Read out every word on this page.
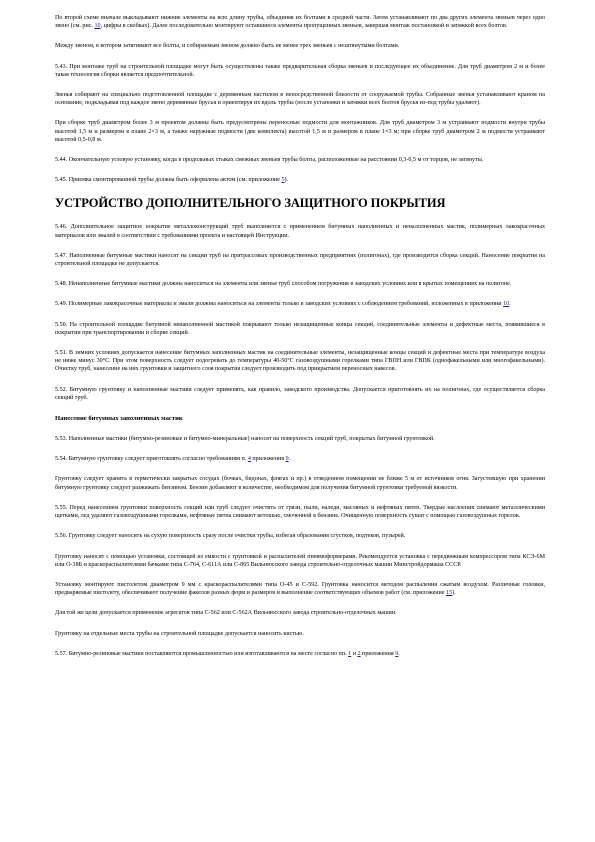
По второй схеме вначале выкладывают нижние элементы на всю длину трубы, объединяя их болтами в средней части. Затем устанавливают по два других элемента звеньев через одно звено (см. рис. 10, цифры в скобках). Далее последовательно монтируют оставшиеся элементы пропущенных звеньев, завершая монтаж постановкой и затяжкой всех болтов.

Между звеном, в котором затягивают все болты, и собираемым звеном должно быть не менее трех звеньев с незатянутыми болтами.

5.43. При монтаже труб на строительной площадке могут быть осуществлены также предварительная сборка звеньев и последующее их объединение. Для труб диаметром 2 м и более такая технология сборки является предпочтительной.

Звенья собирают на специально подготовленной площадке с деревянным настилом в непосредственной близости от сооружаемой трубы. Собранные звенья устанавливают краном на основание, подкладывая под каждое звено деревянные брусья и ориентируя их вдоль трубы (после установки и затяжки всех болтов брусья из-под трубы удаляют).

При сборке труб диаметром более 3 м проектом должны быть предусмотрены переносные подмости для монтажников. Для труб диаметром 3 м устраивают подмости внутри трубы высотой 1,5 м и размером в плане 2×3 м, а также наружные подмости (две комплекта) высотой 1,5 м и размером в плане 1×3 м; при сборке труб диаметром 2 м подмости устраивают высотой 0,5-0,8 м.

5.44. Окончательную угловую установку, когда в продольных стыках смежных звеньев трубы болты, расположенные на расстоянии 0,3-0,5 м от торцов, не затянуты.

5.45. Приемка смонтированной трубы должна быть оформлена актом (см. приложение 5).

УСТРОЙСТВО ДОПОЛНИТЕЛЬНОГО ЗАЩИТНОГО ПОКРЫТИЯ

5.46. Дополнительное защитное покрытие металлоконструкций труб выполняется с применением битумных наполненных и неналолненных мастик, полимерных лакокрасочных материалов или эмалей в соответствии с требованиями проекта и настоящей Инструкции.

5.47. Наполненные битумные мастики наносят на секции труб на притрассовых производственных предприятиях (полигонах), где производится сборка секций. Наносение покрытия на строительной площадке не допускается.

5.48. Ненаполненные битумные мастики должны наноситься на элементы или звенья труб способом погружения в заводских условиях или в крытых помещениях на полигоне.

5.49. Полимерные лакокрасочные материалы и эмали должны наноситься на элементы только в заводских условиях с соблюдением требований, изложенных в приложении 10.

5.50. На строительной площадке битумной ненаполненной мастикой покрывают только незащищенные концы секций, соединительные элементы и дефектные места, появившиеся в покрытии при транспортировании и сборке секций.

5.51. В зимних условиях допускается нанесение битумных заполненных мастик на соединительные элементы, незащищенные концы секций и дефектные места при температуре воздуха не ниже минус 30°С. При этом поверхность следует подогревать до температуры 40-50°С газовоздушными горелками типа ГВПН или ГВПК (однофакельными или многофакельными). Очистку труб, нанесение на них грунтовки и защитного слоя покрытия следует производить под прикрытием переносных навесов.

5.52. Битумную грунтовку и наполненные мастики следует применять, как правило, заводского производства. Допускается приготовлять их на полигонах, где осуществляется сборка секций труб.

Нанесение битумных заполненных мастик

5.53. Наполненные мастики (битумно-резиновые и битумно-минеральные) наносят на поверхность секций труб, покрытых битумной грунтовкой.

5.54. Битумную грунтовку следует приготовлять согласно требованиям п. 4 приложения 9.

Грунтовку следует хранить в герметически закрытых сосудах (бочках, бидонах, флягах и пр.) в отведенном помещении не ближе 5 м от источников огня. Загустевшую при хранении битумную грунтовку следует разжижать бензином. Бензин добавляют в количестве, необходимом для получения битумной грунтовки требуемой вязкости.

5.55. Перед нанесением грунтовки поверхность секций или труб следует очистить от грязи, пыли, наледи, масляных и нефтяных пятен. Твердые наслоения снимают металлическими щетками, лед удаляют газовоздушными горелками, нефтяные пятна снимают ветошью, смоченной в бензине. Очищенную поверхность сушат с помощью газовоздушных горелок.

5.56. Грунтовку следует наносить на сухую поверхность сразу после очистки трубы, избегая образования сгустков, подтеков, пузырей.

Грунтовку наносят с помощью установки, состоящей из емкости с грунтовкой и распылителей пневмоформерами. Рекомендуется установка с передвижным компрессором типа КСЭ-6М или О-38Б и краскораспылителями бачками типа С-764, С-611А или С-865 Вильнюсского завода строительно-отделочных машин Минстройдормаша СССР.

Установку монтируют пистолетом диаметром 9 мм с краскораспылителями типа О-45 и С-592. Грунтовка наносится методом распыления сжатым воздухом. Различные головки, предваряемые пистолету, обеспечивают получение факелов разных форм и размеров и выполнение соответствующих объемов работ (см. приложение 15).

Для той же цели допускается применение агрегатов типа С-562 или С-562А Вильнюсского завода строительно-отделочных машин.

Грунтовку на отдельные места трубы на строительной площадке допускается наносить кистью.

5.57. Битумно-резиновые мастики поставляются промышленностью или изготавливаются на месте согласно пп. 1 и 2 приложения 9.
